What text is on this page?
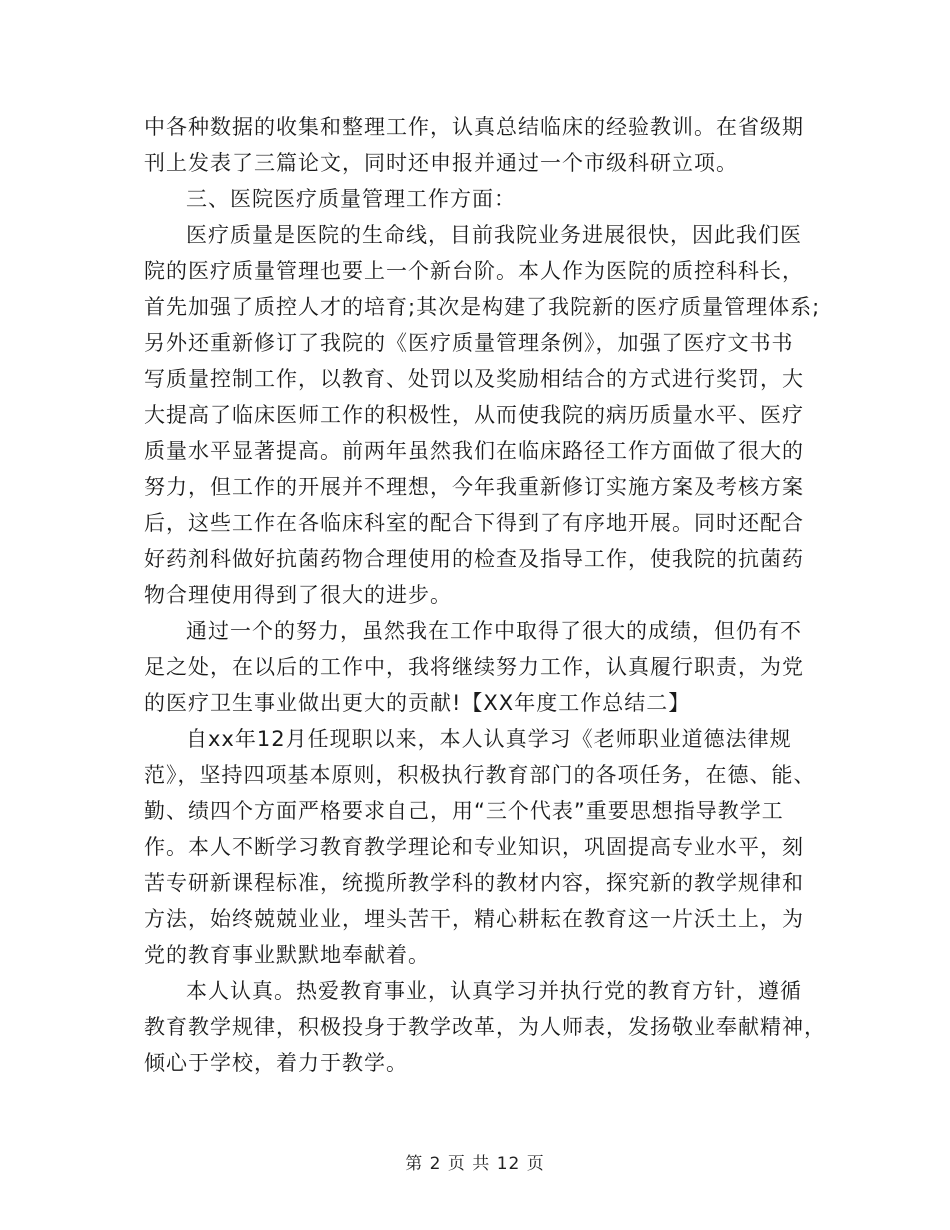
中各种数据的收集和整理工作，认真总结临床的经验教训。在省级期
刊上发表了三篇论文，同时还申报并通过一个市级科研立项。
三、医院医疗质量管理工作方面：
医疗质量是医院的生命线，目前我院业务进展很快，因此我们医
院的医疗质量管理也要上一个新台阶。本人作为医院的质控科科长，
首先加强了质控人才的培育;其次是构建了我院新的医疗质量管理体系;
另外还重新修订了我院的《医疗质量管理条例》，加强了医疗文书书
写质量控制工作，以教育、处罚以及奖励相结合的方式进行奖罚，大
大提高了临床医师工作的积极性，从而使我院的病历质量水平、医疗
质量水平显著提高。前两年虽然我们在临床路径工作方面做了很大的
努力，但工作的开展并不理想，今年我重新修订实施方案及考核方案
后，这些工作在各临床科室的配合下得到了有序地开展。同时还配合
好药剂科做好抗菌药物合理使用的检查及指导工作，使我院的抗菌药
物合理使用得到了很大的进步。
通过一个的努力，虽然我在工作中取得了很大的成绩，但仍有不
足之处，在以后的工作中，我将继续努力工作，认真履行职责，为党
的医疗卫生事业做出更大的贡献!【XX年度工作总结二】
自xx年12月任现职以来，本人认真学习《老师职业道德法律规
范》，坚持四项基本原则，积极执行教育部门的各项任务，在德、能、
勤、绩四个方面严格要求自己，用“三个代表”重要思想指导教学工
作。本人不断学习教育教学理论和专业知识，巩固提高专业水平，刻
苦专研新课程标准，统揽所教学科的教材内容，探究新的教学规律和
方法，始终兢兢业业，埋头苦干，精心耕耘在教育这一片沃土上，为
党的教育事业默默地奉献着。
本人认真。热爱教育事业，认真学习并执行党的教育方针，遵循
教育教学规律，积极投身于教学改革，为人师表，发扬敬业奉献精神，
倾心于学校，着力于教学。
第 2 页 共 12 页
